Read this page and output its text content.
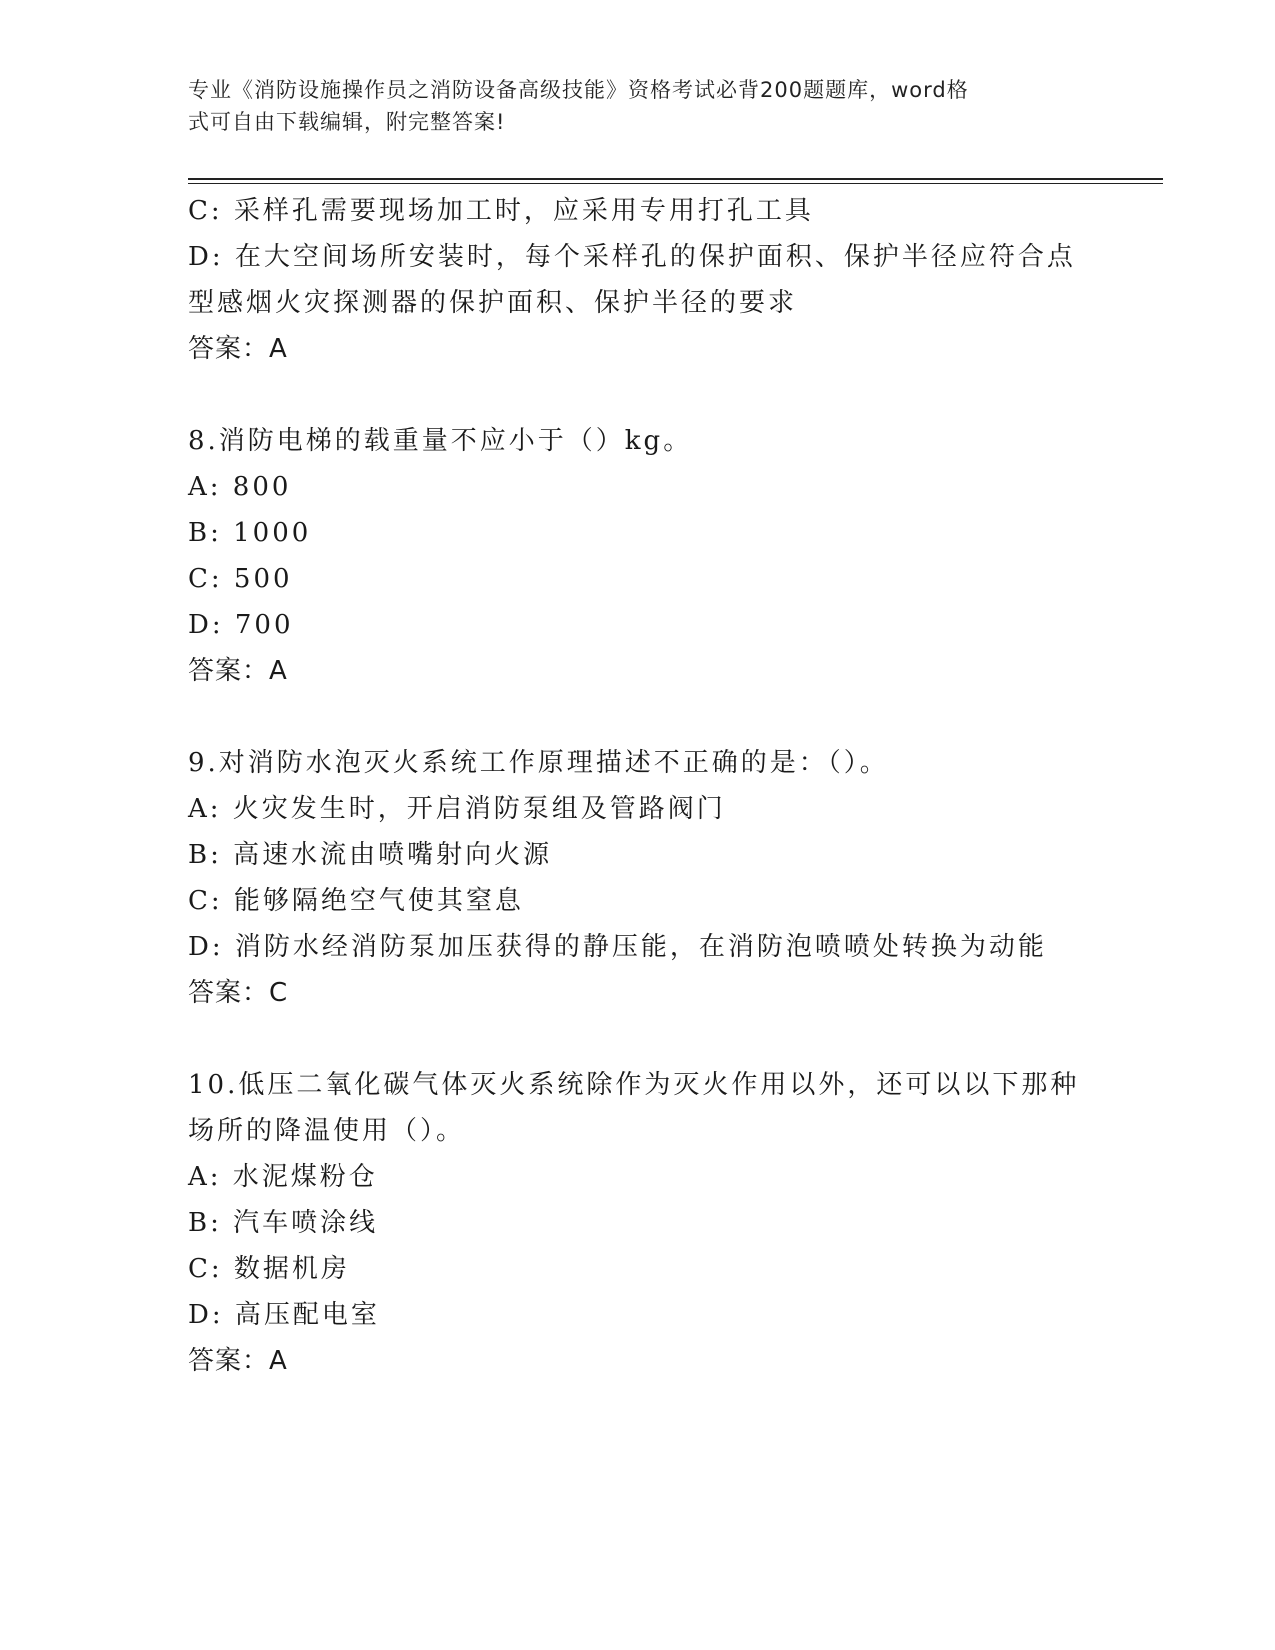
专业《消防设施操作员之消防设备高级技能》资格考试必背200题题库，word格
式可自由下载编辑，附完整答案!
C: 采样孔需要现场加工时，应采用专用打孔工具
D: 在大空间场所安装时，每个采样孔的保护面积、保护半径应符合点
型感烟火灾探测器的保护面积、保护半径的要求
答案：A
8.消防电梯的载重量不应小于（）kg。
A: 800
B: 1000
C: 500
D: 700
答案：A
9.对消防水泡灭火系统工作原理描述不正确的是：（）。
A: 火灾发生时，开启消防泵组及管路阀门
B: 高速水流由喷嘴射向火源
C: 能够隔绝空气使其窒息
D: 消防水经消防泵加压获得的静压能，在消防泡喷喷处转换为动能
答案：C
10.低压二氧化碳气体灭火系统除作为灭火作用以外，还可以以下那种
场所的降温使用（）。
A: 水泥煤粉仓
B: 汽车喷涂线
C: 数据机房
D: 高压配电室
答案：A
